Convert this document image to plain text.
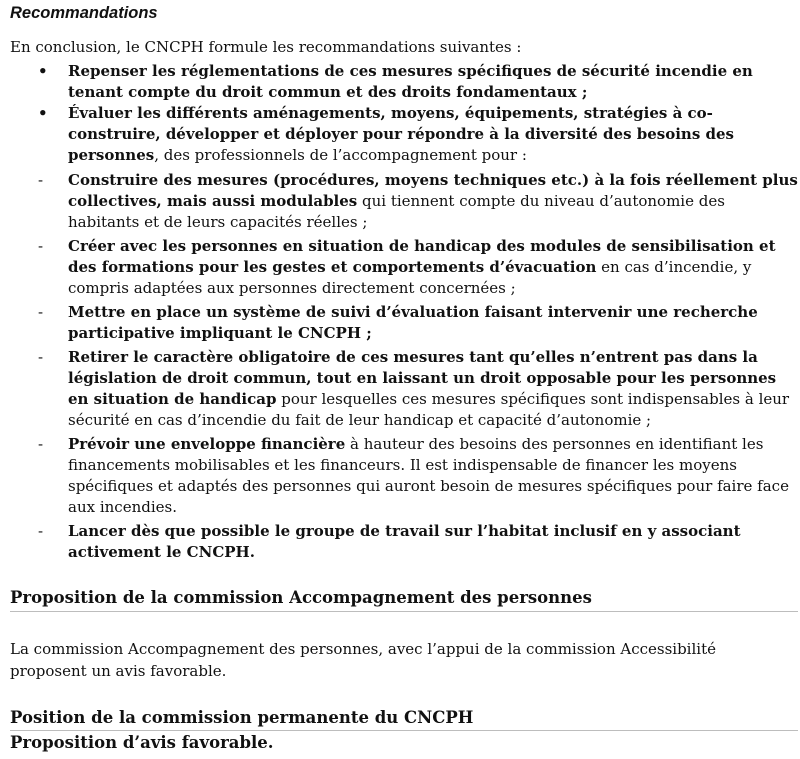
Recommandations
En conclusion, le CNCPH formule les recommandations suivantes :
• Repenser les réglementations de ces mesures spécifiques de sécurité incendie en tenant compte du droit commun et des droits fondamentaux ;
• Évaluer les différents aménagements, moyens, équipements, stratégies à co-construire, développer et déployer pour répondre à la diversité des besoins des personnes, des professionnels de l’accompagnement pour :
- Construire des mesures (procédures, moyens techniques etc.) à la fois réellement plus collectives, mais aussi modulables qui tiennent compte du niveau d’autonomie des habitants et de leurs capacités réelles ;
- Créer avec les personnes en situation de handicap des modules de sensibilisation et des formations pour les gestes et comportements d’évacuation en cas d’incendie, y compris adaptées aux personnes directement concernées ;
- Mettre en place un système de suivi d’évaluation faisant intervenir une recherche participative impliquant le CNCPH ;
- Retirer le caractère obligatoire de ces mesures tant qu’elles n’entrent pas dans la législation de droit commun, tout en laissant un droit opposable pour les personnes en situation de handicap pour lesquelles ces mesures spécifiques sont indispensables à leur sécurité en cas d’incendie du fait de leur handicap et capacité d’autonomie ;
- Prévoir une enveloppe financière à hauteur des besoins des personnes en identifiant les financements mobilisables et les financeurs. Il est indispensable de financer les moyens spécifiques et adaptés des personnes qui auront besoin de mesures spécifiques pour faire face aux incendies.
- Lancer dès que possible le groupe de travail sur l’habitat inclusif en y associant activement le CNCPH.
Proposition de la commission Accompagnement des personnes
La commission Accompagnement des personnes, avec l’appui de la commission Accessibilité proposent un avis favorable.
Position de la commission permanente du CNCPH
Proposition d’avis favorable.
